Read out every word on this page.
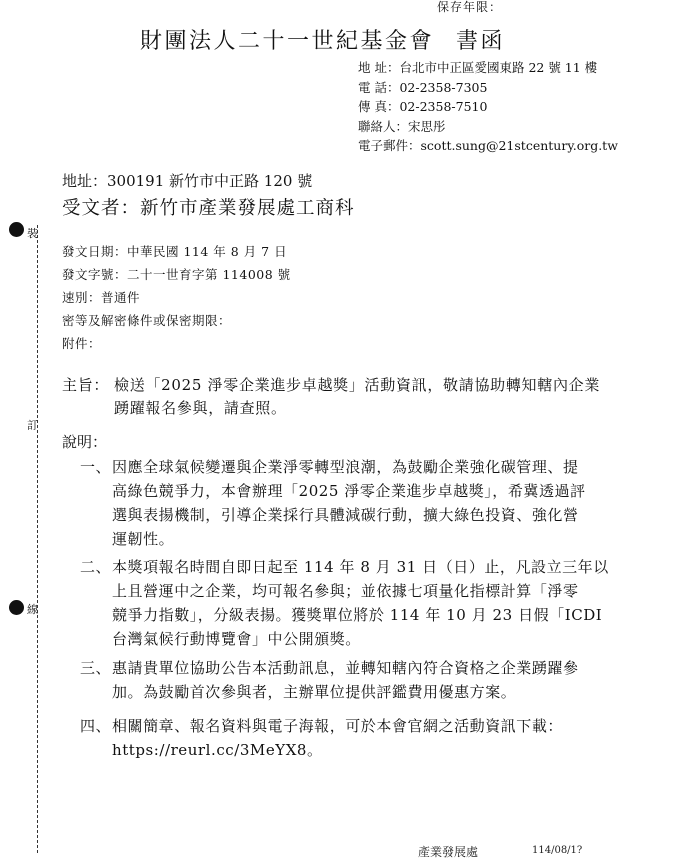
保存年限：
財團法人二十一世紀基金會 書函
地 址：台北市中正區愛國東路 22 號 11 樓
電 話：02-2358-7305
傳 真：02-2358-7510
聯絡人：宋思彤
電子郵件：scott.sung@21stcentury.org.tw
地址：300191 新竹市中正路 120 號
受文者：新竹市產業發展處工商科
發文日期：中華民國 114 年 8 月 7 日
發文字號：二十一世育字第 114008 號
速別：普通件
密等及解密條件或保密期限：
附件：
主旨： 檢送「2025 淨零企業進步卓越獎」活動資訊，敬請協助轉知轄內企業
踴躍報名參與，請查照。
說明：
一、 因應全球氣候變遷與企業淨零轉型浪潮，為鼓勵企業強化碳管理、提
高綠色競爭力，本會辦理「2025 淨零企業進步卓越獎」，希冀透過評
選與表揚機制，引導企業採行具體減碳行動，擴大綠色投資、強化營
運韌性。
二、 本獎項報名時間自即日起至 114 年 8 月 31 日（日）止，凡設立三年以
上且營運中之企業，均可報名參與；並依據七項量化指標計算「淨零
競爭力指數」，分級表揚。獲獎單位將於 114 年 10 月 23 日假「ICDI
台灣氣候行動博覽會」中公開頒獎。
三、 惠請貴單位協助公告本活動訊息，並轉知轄內符合資格之企業踴躍參
加。為鼓勵首次參與者，主辦單位提供評鑑費用優惠方案。
四、 相關簡章、報名資料與電子海報，可於本會官網之活動資訊下載：
https://reurl.cc/3MeYX8。
裝
訂
線
產業發展處	114/08/1?
